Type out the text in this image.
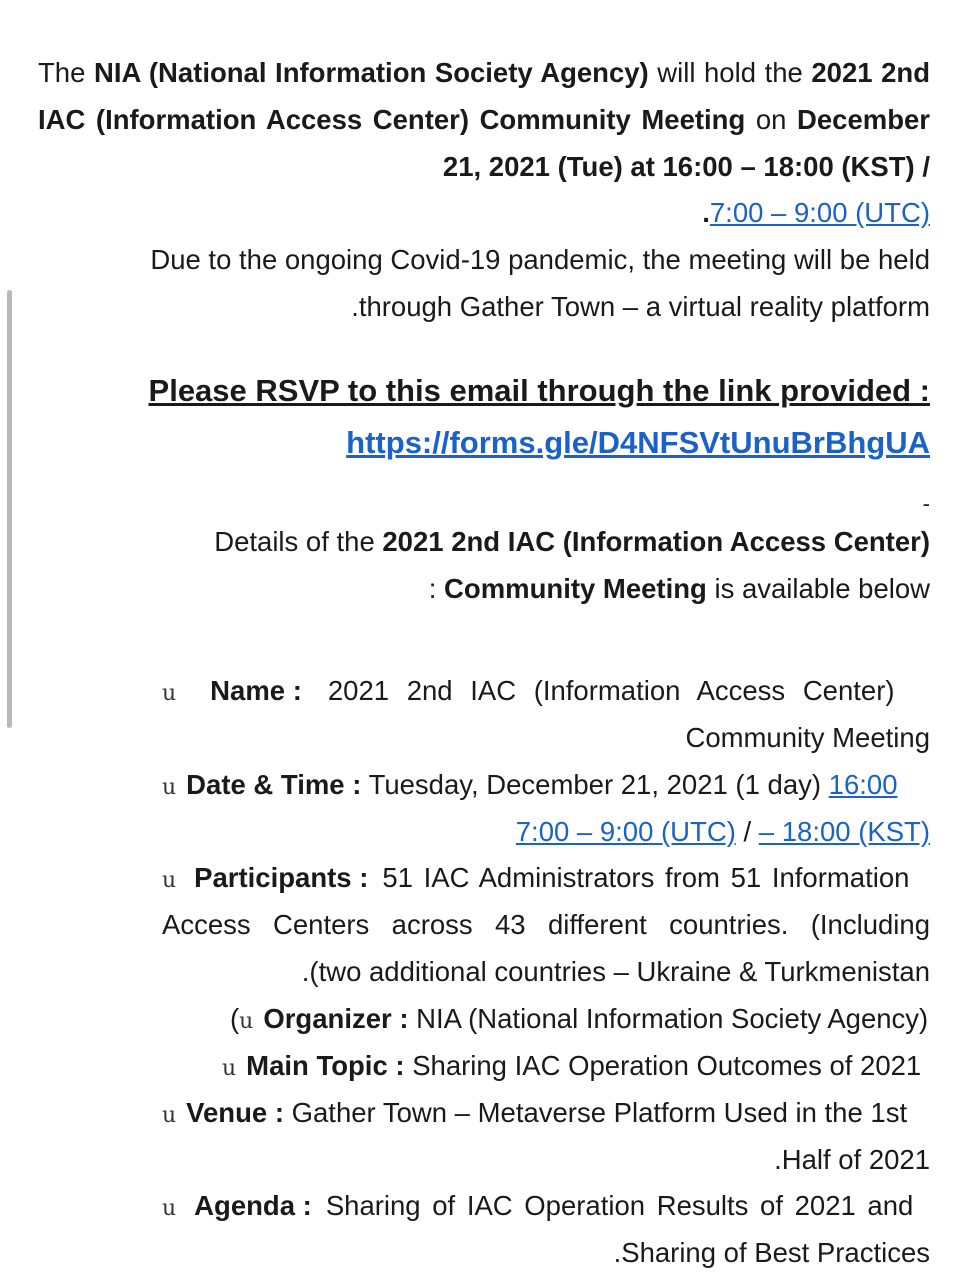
The NIA (National Information Society Agency) will hold the 2021 2nd IAC (Information Access Center) Community Meeting on December 21, 2021 (Tue) at 16:00 – 18:00 (KST) /
.7:00 – 9:00 (UTC)
Due to the ongoing Covid-19 pandemic, the meeting will be held
.through Gather Town – a virtual reality platform
Please RSVP to this email through the link provided :
https://forms.gle/D4NFSVtUnuBrBhgUA
-
Details of the 2021 2nd IAC (Information Access Center)
: Community Meeting is available below
u Name : 2021 2nd IAC (Information Access Center)
Community Meeting
u Date & Time : Tuesday, December 21, 2021 (1 day) 16:00
7:00 – 9:00 (UTC) / – 18:00 (KST)
u Participants : 51 IAC Administrators from 51 Information
Access Centers across 43 different countries. (Including
.(two additional countries – Ukraine & Turkmenistan
(u Organizer : NIA (National Information Society Agency)
u Main Topic : Sharing IAC Operation Outcomes of 2021
u Venue : Gather Town – Metaverse Platform Used in the 1st
.Half of 2021
u Agenda : Sharing of IAC Operation Results of 2021 and
.Sharing of Best Practices
